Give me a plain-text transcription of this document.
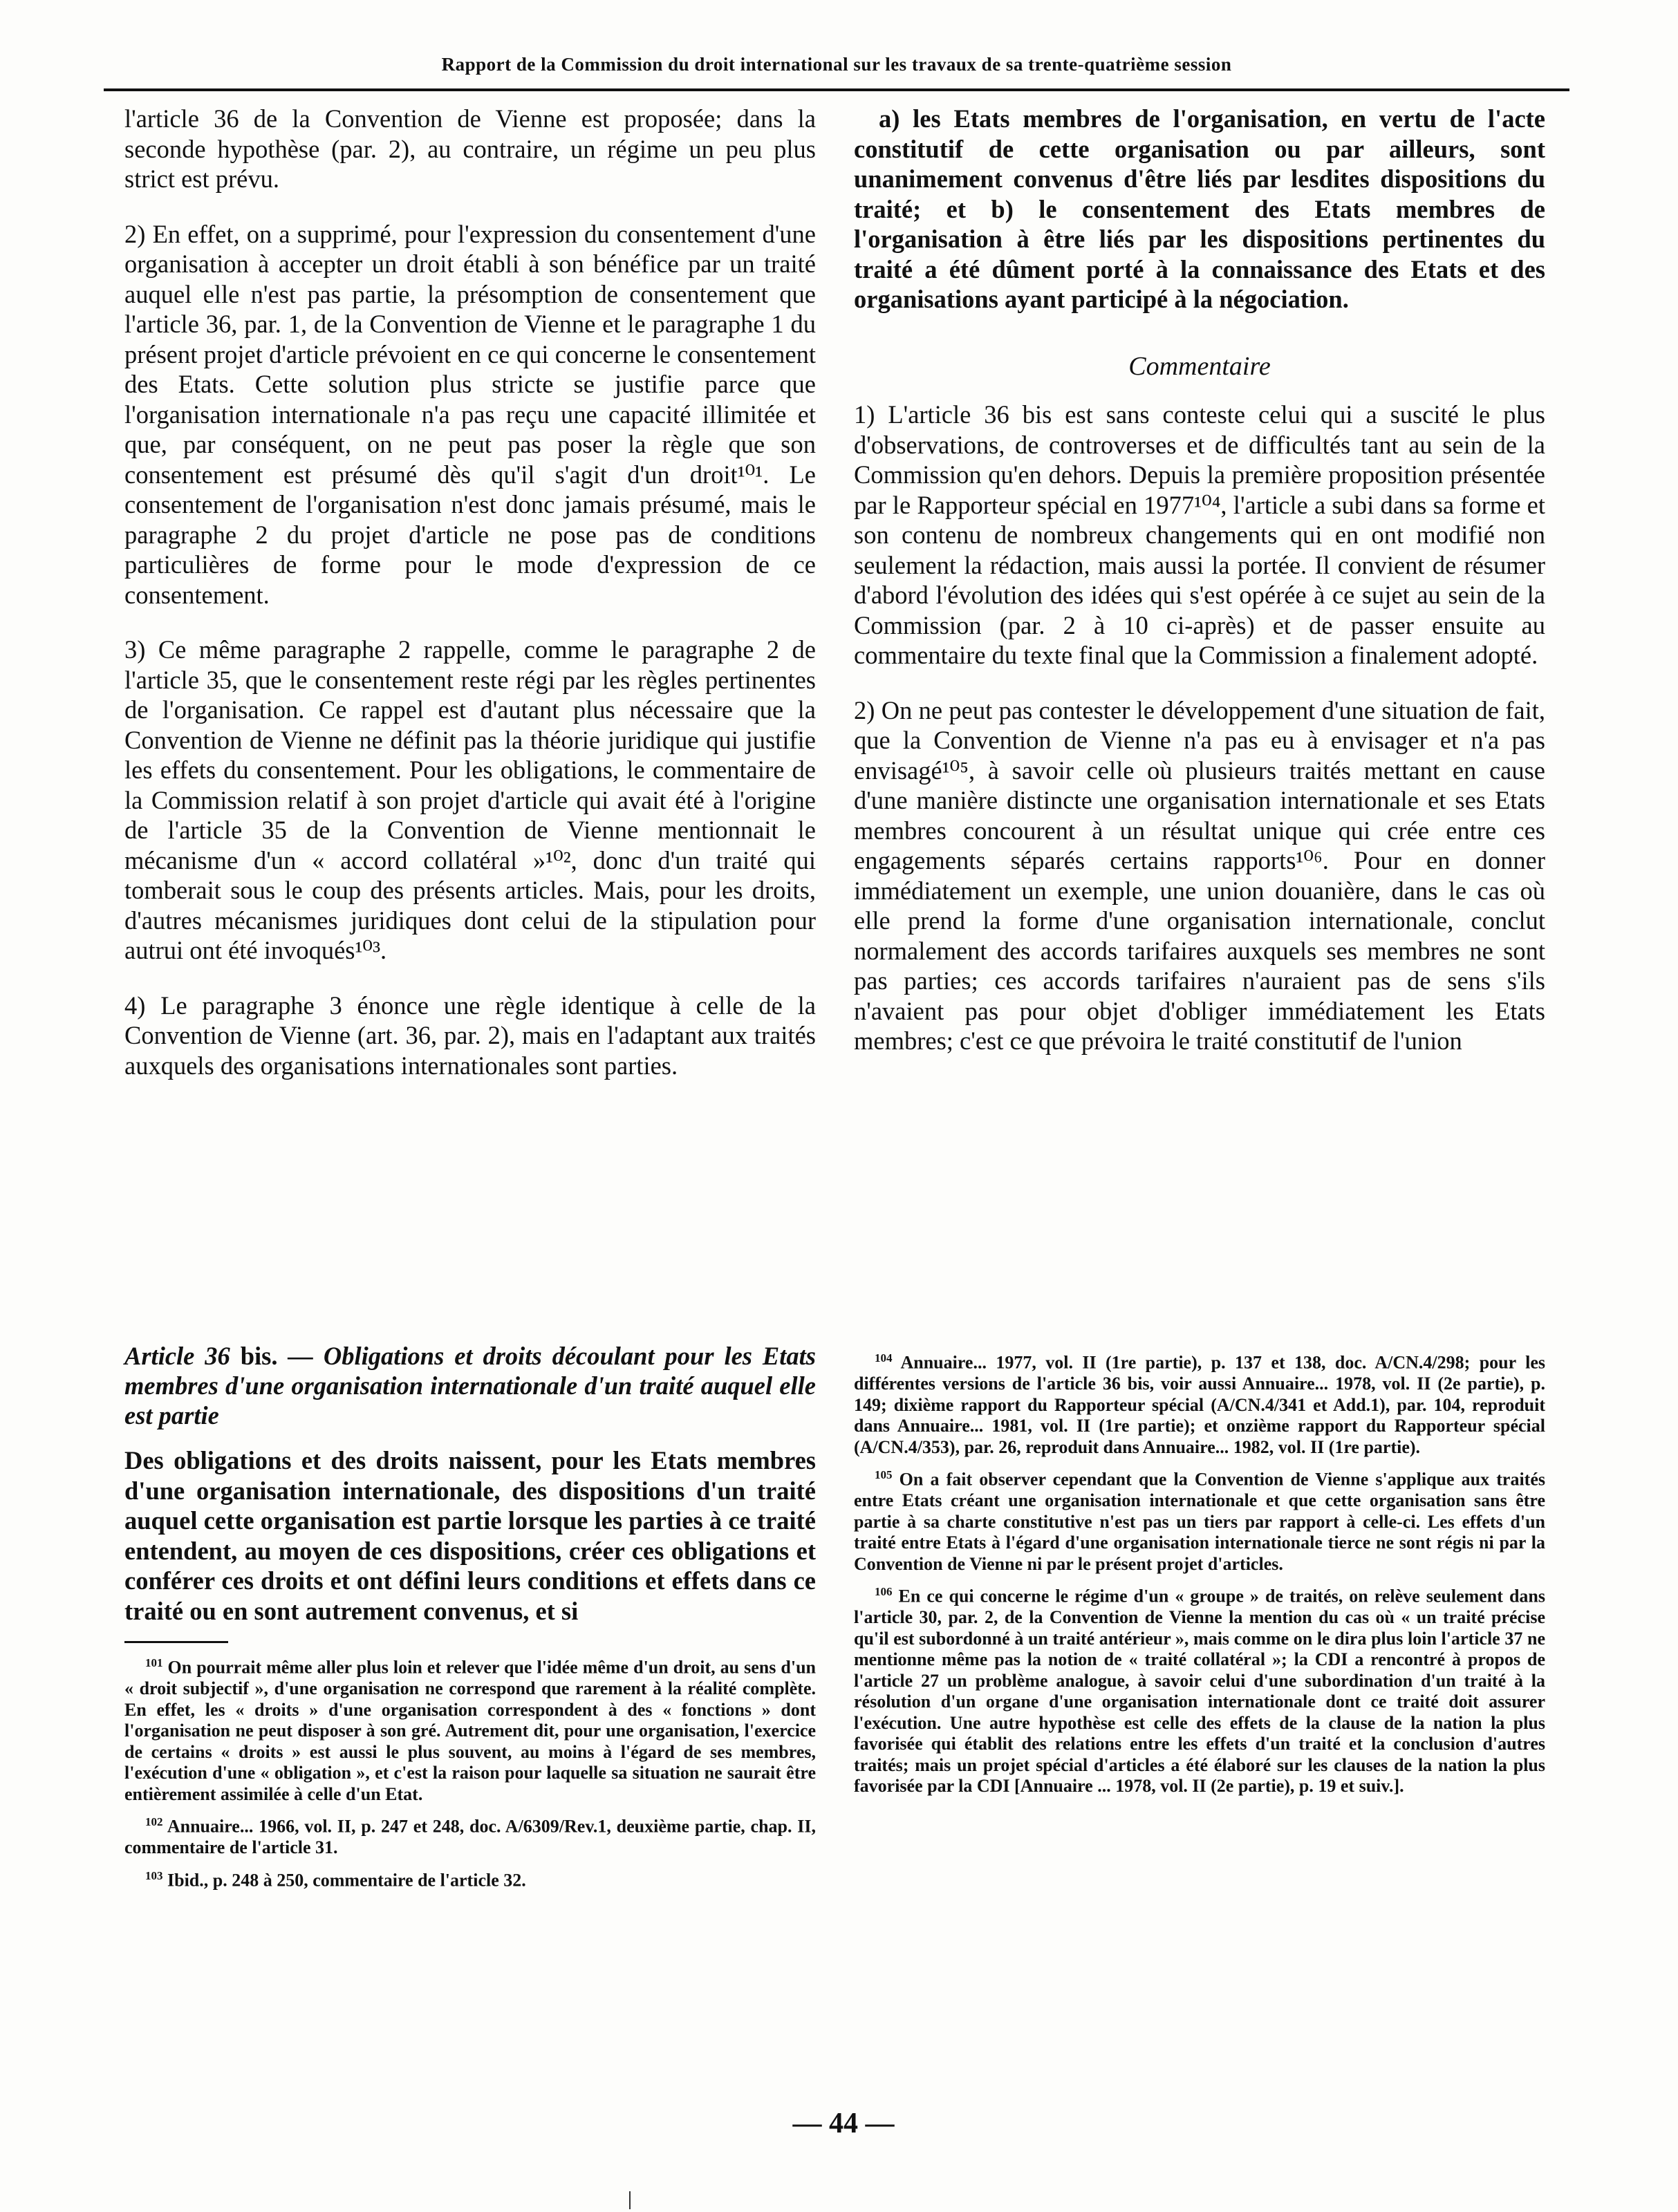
Rapport de la Commission du droit international sur les travaux de sa trente-quatrième session

l'article 36 de la Convention de Vienne est proposée; dans la seconde hypothèse (par. 2), au contraire, un régime un peu plus strict est prévu.

2) En effet, on a supprimé, pour l'expression du consentement d'une organisation à accepter un droit établi à son bénéfice par un traité auquel elle n'est pas partie, la présomption de consentement que l'article 36, par. 1, de la Convention de Vienne et le paragraphe 1 du présent projet d'article prévoient en ce qui concerne le consentement des Etats. Cette solution plus stricte se justifie parce que l'organisation internationale n'a pas reçu une capacité illimitée et que, par conséquent, on ne peut pas poser la règle que son consentement est présumé dès qu'il s'agit d'un droit¹⁰¹. Le consentement de l'organisation n'est donc jamais présumé, mais le paragraphe 2 du projet d'article ne pose pas de conditions particulières de forme pour le mode d'expression de ce consentement.

3) Ce même paragraphe 2 rappelle, comme le paragraphe 2 de l'article 35, que le consentement reste régi par les règles pertinentes de l'organisation. Ce rappel est d'autant plus nécessaire que la Convention de Vienne ne définit pas la théorie juridique qui justifie les effets du consentement. Pour les obligations, le commentaire de la Commission relatif à son projet d'article qui avait été à l'origine de l'article 35 de la Convention de Vienne mentionnait le mécanisme d'un « accord collatéral »¹⁰², donc d'un traité qui tomberait sous le coup des présents articles. Mais, pour les droits, d'autres mécanismes juridiques dont celui de la stipulation pour autrui ont été invoqués¹⁰³.

4) Le paragraphe 3 énonce une règle identique à celle de la Convention de Vienne (art. 36, par. 2), mais en l'adaptant aux traités auxquels des organisations internationales sont parties.

a) les Etats membres de l'organisation, en vertu de l'acte constitutif de cette organisation ou par ailleurs, sont unanimement convenus d'être liés par lesdites dispositions du traité; et b) le consentement des Etats membres de l'organisation à être liés par les dispositions pertinentes du traité a été dûment porté à la connaissance des Etats et des organisations ayant participé à la négociation.

Commentaire

1) L'article 36 bis est sans conteste celui qui a suscité le plus d'observations, de controverses et de difficultés tant au sein de la Commission qu'en dehors. Depuis la première proposition présentée par le Rapporteur spécial en 1977¹⁰⁴, l'article a subi dans sa forme et son contenu de nombreux changements qui en ont modifié non seulement la rédaction, mais aussi la portée. Il convient de résumer d'abord l'évolution des idées qui s'est opérée à ce sujet au sein de la Commission (par. 2 à 10 ci-après) et de passer ensuite au commentaire du texte final que la Commission a finalement adopté.

2) On ne peut pas contester le développement d'une situation de fait, que la Convention de Vienne n'a pas eu à envisager et n'a pas envisagé¹⁰⁵, à savoir celle où plusieurs traités mettant en cause d'une manière distincte une organisation internationale et ses Etats membres concourent à un résultat unique qui crée entre ces engagements séparés certains rapports¹⁰⁶. Pour en donner immédiatement un exemple, une union douanière, dans le cas où elle prend la forme d'une organisation internationale, conclut normalement des accords tarifaires auxquels ses membres ne sont pas parties; ces accords tarifaires n'auraient pas de sens s'ils n'avaient pas pour objet d'obliger immédiatement les Etats membres; c'est ce que prévoira le traité constitutif de l'union

Article 36 bis. — Obligations et droits découlant pour les Etats membres d'une organisation internationale d'un traité auquel elle est partie

Des obligations et des droits naissent, pour les Etats membres d'une organisation internationale, des dispositions d'un traité auquel cette organisation est partie lorsque les parties à ce traité entendent, au moyen de ces dispositions, créer ces obligations et conférer ces droits et ont défini leurs conditions et effets dans ce traité ou en sont autrement convenus, et si

$^{101}$ On pourrait même aller plus loin et relever que l'idée même d'un droit, au sens d'un « droit subjectif », d'une organisation ne correspond que rarement à la réalité complète. En effet, les « droits » d'une organisation correspondent à des « fonctions » dont l'organisation ne peut disposer à son gré. Autrement dit, pour une organisation, l'exercice de certains « droits » est aussi le plus souvent, au moins à l'égard de ses membres, l'exécution d'une « obligation », et c'est la raison pour laquelle sa situation ne saurait être entièrement assimilée à celle d'un Etat.
$^{102}$ Annuaire... 1966, vol. II, p. 247 et 248, doc. A/6309/Rev.1, deuxième partie, chap. II, commentaire de l'article 31.
$^{103}$ Ibid., p. 248 à 250, commentaire de l'article 32.
$^{104}$ Annuaire... 1977, vol. II (1re partie), p. 137 et 138, doc. A/CN.4/298; pour les différentes versions de l'article 36 bis, voir aussi Annuaire... 1978, vol. II (2e partie), p. 149; dixième rapport du Rapporteur spécial (A/CN.4/341 et Add.1), par. 104, reproduit dans Annuaire... 1981, vol. II (1re partie); et onzième rapport du Rapporteur spécial (A/CN.4/353), par. 26, reproduit dans Annuaire... 1982, vol. II (1re partie).
$^{105}$ On a fait observer cependant que la Convention de Vienne s'applique aux traités entre Etats créant une organisation internationale et que cette organisation sans être partie à sa charte constitutive n'est pas un tiers par rapport à celle-ci. Les effets d'un traité entre Etats à l'égard d'une organisation internationale tierce ne sont régis ni par la Convention de Vienne ni par le présent projet d'articles.
$^{106}$ En ce qui concerne le régime d'un « groupe » de traités, on relève seulement dans l'article 30, par. 2, de la Convention de Vienne la mention du cas où « un traité précise qu'il est subordonné à un traité antérieur », mais comme on le dira plus loin l'article 37 ne mentionne même pas la notion de « traité collatéral »; la CDI a rencontré à propos de l'article 27 un problème analogue, à savoir celui d'une subordination d'un traité à la résolution d'un organe d'une organisation internationale dont ce traité doit assurer l'exécution. Une autre hypothèse est celle des effets de la clause de la nation la plus favorisée qui établit des relations entre les effets d'un traité et la conclusion d'autres traités; mais un projet spécial d'articles a été élaboré sur les clauses de la nation la plus favorisée par la CDI [Annuaire ... 1978, vol. II (2e partie), p. 19 et suiv.].
— 44 —
